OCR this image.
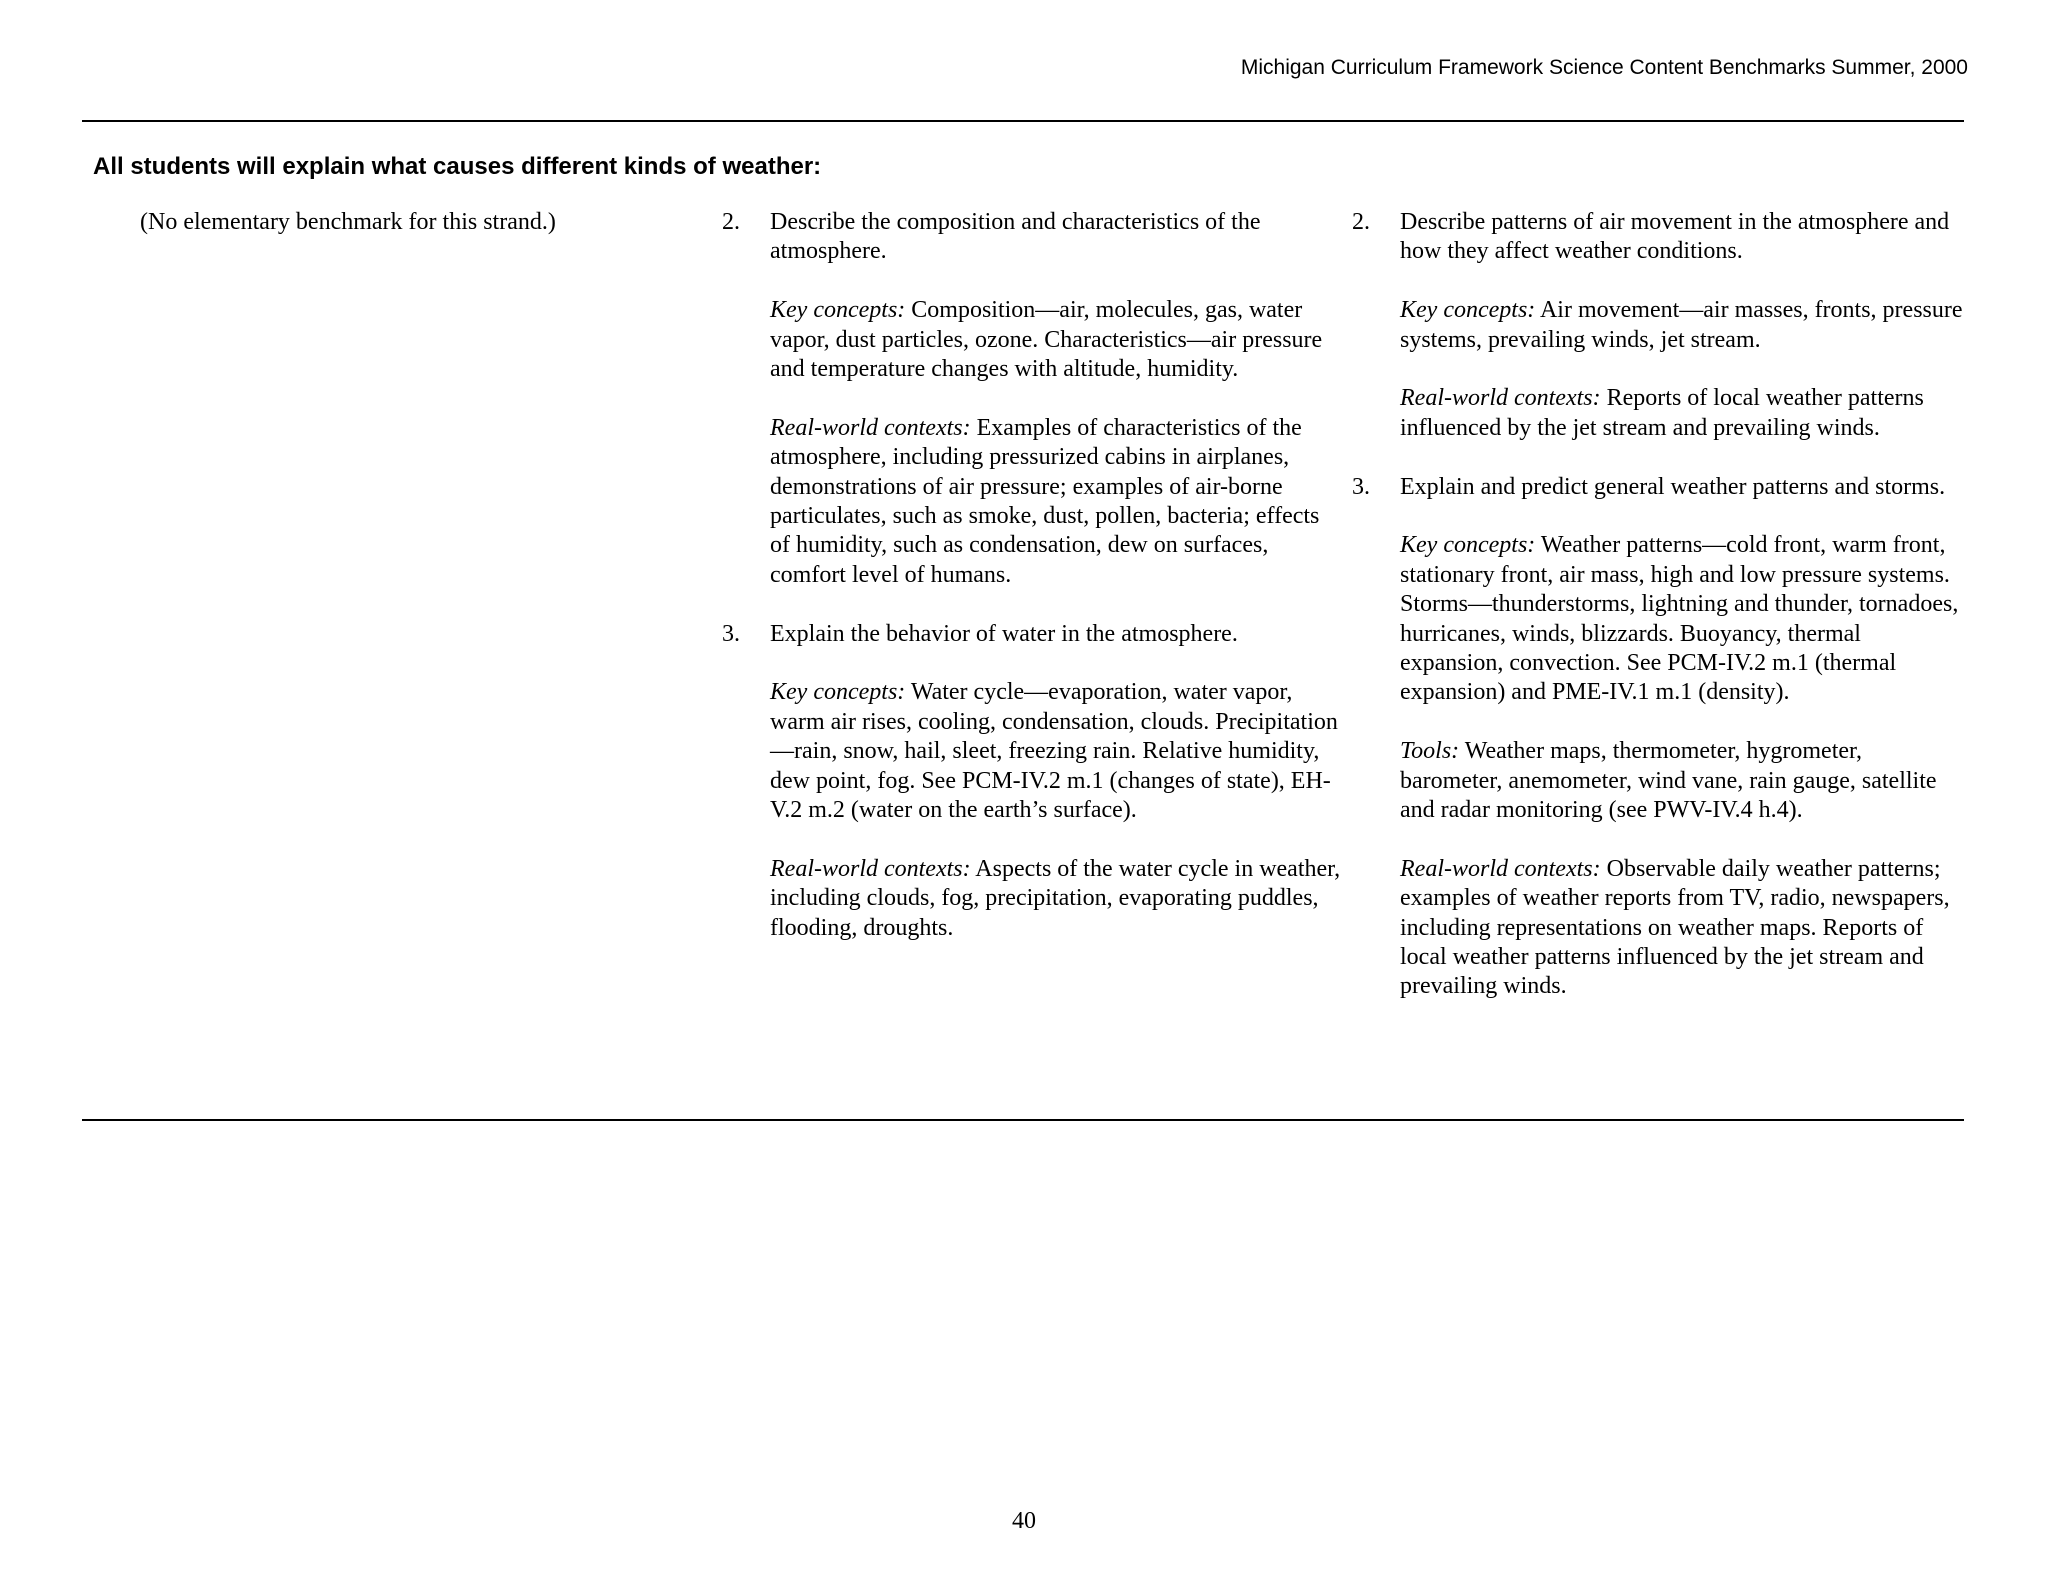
Michigan Curriculum Framework Science Content Benchmarks Summer, 2000
All students will explain what causes different kinds of weather:
(No elementary benchmark for this strand.)	2. Describe the composition and characteristics of the atmosphere.

Key concepts: Composition—air, molecules, gas, water vapor, dust particles, ozone. Characteristics—air pressure and temperature changes with altitude, humidity.

Real-world contexts: Examples of characteristics of the atmosphere, including pressurized cabins in airplanes, demonstrations of air pressure; examples of air-borne particulates, such as smoke, dust, pollen, bacteria; effects of humidity, such as condensation, dew on surfaces, comfort level of humans.

3. Explain the behavior of water in the atmosphere.

Key concepts: Water cycle—evaporation, water vapor, warm air rises, cooling, condensation, clouds. Precipitation—rain, snow, hail, sleet, freezing rain. Relative humidity, dew point, fog. See PCM-IV.2 m.1 (changes of state), EH-V.2 m.2 (water on the earth’s surface).

Real-world contexts: Aspects of the water cycle in weather, including clouds, fog, precipitation, evaporating puddles, flooding, droughts.

2. Describe patterns of air movement in the atmosphere and how they affect weather conditions.

Key concepts: Air movement—air masses, fronts, pressure systems, prevailing winds, jet stream.

Real-world contexts: Reports of local weather patterns influenced by the jet stream and prevailing winds.

3. Explain and predict general weather patterns and storms.

Key concepts: Weather patterns—cold front, warm front, stationary front, air mass, high and low pressure systems. Storms—thunderstorms, lightning and thunder, tornadoes, hurricanes, winds, blizzards. Buoyancy, thermal expansion, convection. See PCM-IV.2 m.1 (thermal expansion) and PME-IV.1 m.1 (density).

Tools: Weather maps, thermometer, hygrometer, barometer, anemometer, wind vane, rain gauge, satellite and radar monitoring (see PWV-IV.4 h.4).

Real-world contexts: Observable daily weather patterns; examples of weather reports from TV, radio, newspapers, including representations on weather maps. Reports of local weather patterns influenced by the jet stream and prevailing winds.

40
